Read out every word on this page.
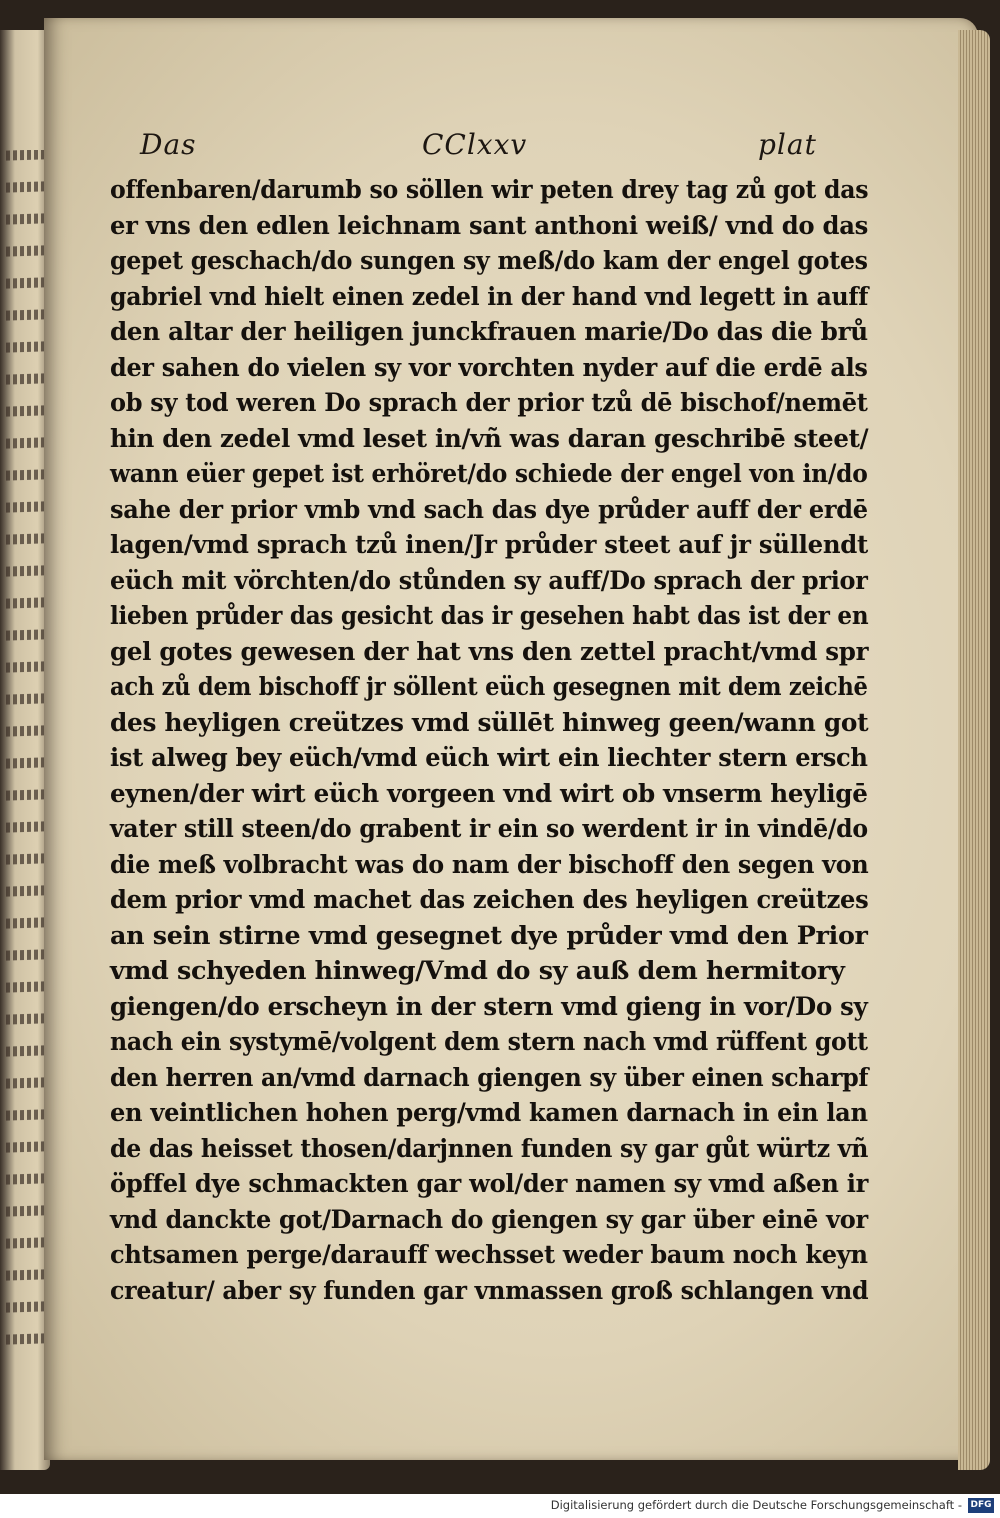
Das	CClxxv	plat
offenbaren/darumb so söllen wir peten drey tag zů got das
er vns den edlen leichnam sant anthoni weiß/ vnd do das
gepet geschach/do sungen sy meß/do kam der engel gotes
gabriel vnd hielt einen zedel in der hand vnd legett in auff
den altar der heiligen junckfrauen marie/Do das die brů
der sahen do vielen sy vor vorchten nyder auf die erdē als
ob sy tod weren Do sprach der prior tzů dē bischof/nemēt
hin den zedel vmd leset in/vñ was daran geschribē steet/
wann eüer gepet ist erhöret/do schiede der engel von in/do
sahe der prior vmb vnd sach das dye průder auff der erdē
lagen/vmd sprach tzů inen/Jr průder steet auf jr süllendt
eüch mit vörchten/do stůnden sy auff/Do sprach der prior
lieben průder das gesicht das ir gesehen habt das ist der en
gel gotes gewesen der hat vns den zettel pracht/vmd spr
ach zů dem bischoff jr söllent eüch gesegnen mit dem zeichē
des heyligen creützes vmd süllēt hinweg geen/wann got
ist alweg bey eüch/vmd eüch wirt ein liechter stern ersch
eynen/der wirt eüch vorgeen vnd wirt ob vnserm heyligē
vater still steen/do grabent ir ein so werdent ir in vindē/do
die meß volbracht was do nam der bischoff den segen von
dem prior vmd machet das zeichen des heyligen creützes
an sein stirne vmd gesegnet dye průder vmd den Prior
vmd schyeden hinweg/Vmd do sy auß dem hermitory
giengen/do erscheyn in der stern vmd gieng in vor/Do sy
nach ein systymē/volgent dem stern nach vmd rüffent gott
den herren an/vmd darnach giengen sy über einen scharpf
en veintlichen hohen perg/vmd kamen darnach in ein lan
de das heisset thosen/darjnnen funden sy gar gůt würtz vñ
öpffel dye schmackten gar wol/der namen sy vmd aßen ir
vnd danckte got/Darnach do giengen sy gar über einē vor
chtsamen perge/darauff wechsset weder baum noch keyn
creatur/ aber sy funden gar vnmassen groß schlangen vnd
Digitalisierung gefördert durch die Deutsche Forschungsgemeinschaft - DFG
